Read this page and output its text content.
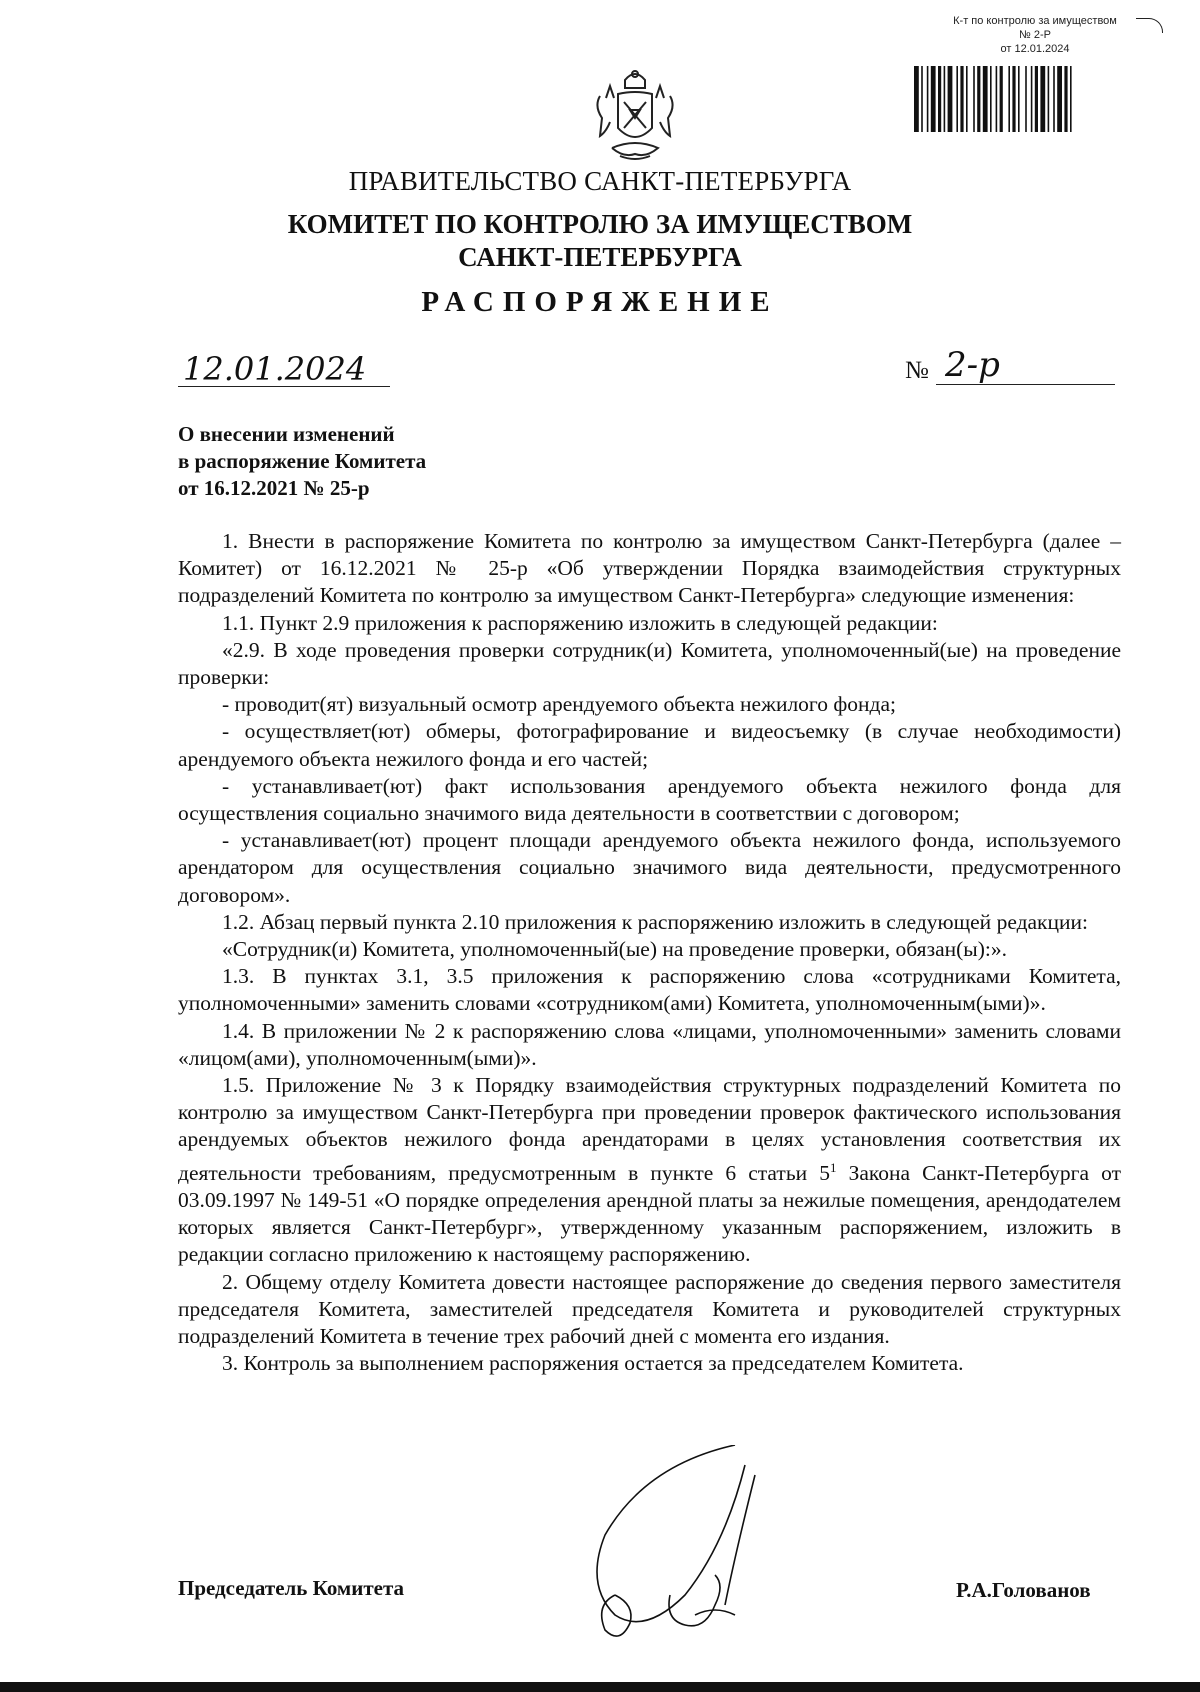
К-т по контролю за имуществом
№ 2-Р
от 12.01.2024
ПРАВИТЕЛЬСТВО САНКТ-ПЕТЕРБУРГА
КОМИТЕТ ПО КОНТРОЛЮ ЗА ИМУЩЕСТВОМ
САНКТ-ПЕТЕРБУРГА
РАСПОРЯЖЕНИЕ
12.01.2024	№ 2-р
О внесении изменений
в распоряжение Комитета
от 16.12.2021 № 25-р

1. Внести в распоряжение Комитета по контролю за имуществом Санкт-Петербурга (далее – Комитет) от 16.12.2021 № 25-р «Об утверждении Порядка взаимодействия структурных подразделений Комитета по контролю за имуществом Санкт-Петербурга» следующие изменения:

1.1. Пункт 2.9 приложения к распоряжению изложить в следующей редакции:

«2.9. В ходе проведения проверки сотрудник(и) Комитета, уполномоченный(ые) на проведение проверки:

- проводит(ят) визуальный осмотр арендуемого объекта нежилого фонда;

- осуществляет(ют) обмеры, фотографирование и видеосъемку (в случае необходимости) арендуемого объекта нежилого фонда и его частей;

- устанавливает(ют) факт использования арендуемого объекта нежилого фонда для осуществления социально значимого вида деятельности в соответствии с договором;

- устанавливает(ют) процент площади арендуемого объекта нежилого фонда, используемого арендатором для осуществления социально значимого вида деятельности, предусмотренного договором».

1.2. Абзац первый пункта 2.10 приложения к распоряжению изложить в следующей редакции:

«Сотрудник(и) Комитета, уполномоченный(ые) на проведение проверки, обязан(ы):».

1.3. В пунктах 3.1, 3.5 приложения к распоряжению слова «сотрудниками Комитета, уполномоченными» заменить словами «сотрудником(ами) Комитета, уполномоченным(ыми)».

1.4. В приложении № 2 к распоряжению слова «лицами, уполномоченными» заменить словами «лицом(ами), уполномоченным(ыми)».

1.5. Приложение № 3 к Порядку взаимодействия структурных подразделений Комитета по контролю за имуществом Санкт-Петербурга при проведении проверок фактического использования арендуемых объектов нежилого фонда арендаторами в целях установления соответствия их деятельности требованиям, предусмотренным в пункте 6 статьи $5^1$ Закона Санкт-Петербурга от 03.09.1997 № 149-51 «О порядке определения арендной платы за нежилые помещения, арендодателем которых является Санкт-Петербург», утвержденному указанным распоряжением, изложить в редакции согласно приложению к настоящему распоряжению.

2. Общему отделу Комитета довести настоящее распоряжение до сведения первого заместителя председателя Комитета, заместителей председателя Комитета и руководителей структурных подразделений Комитета в течение трех рабочий дней с момента его издания.

3. Контроль за выполнением распоряжения остается за председателем Комитета.

Председатель Комитета	Р.А.Голованов
